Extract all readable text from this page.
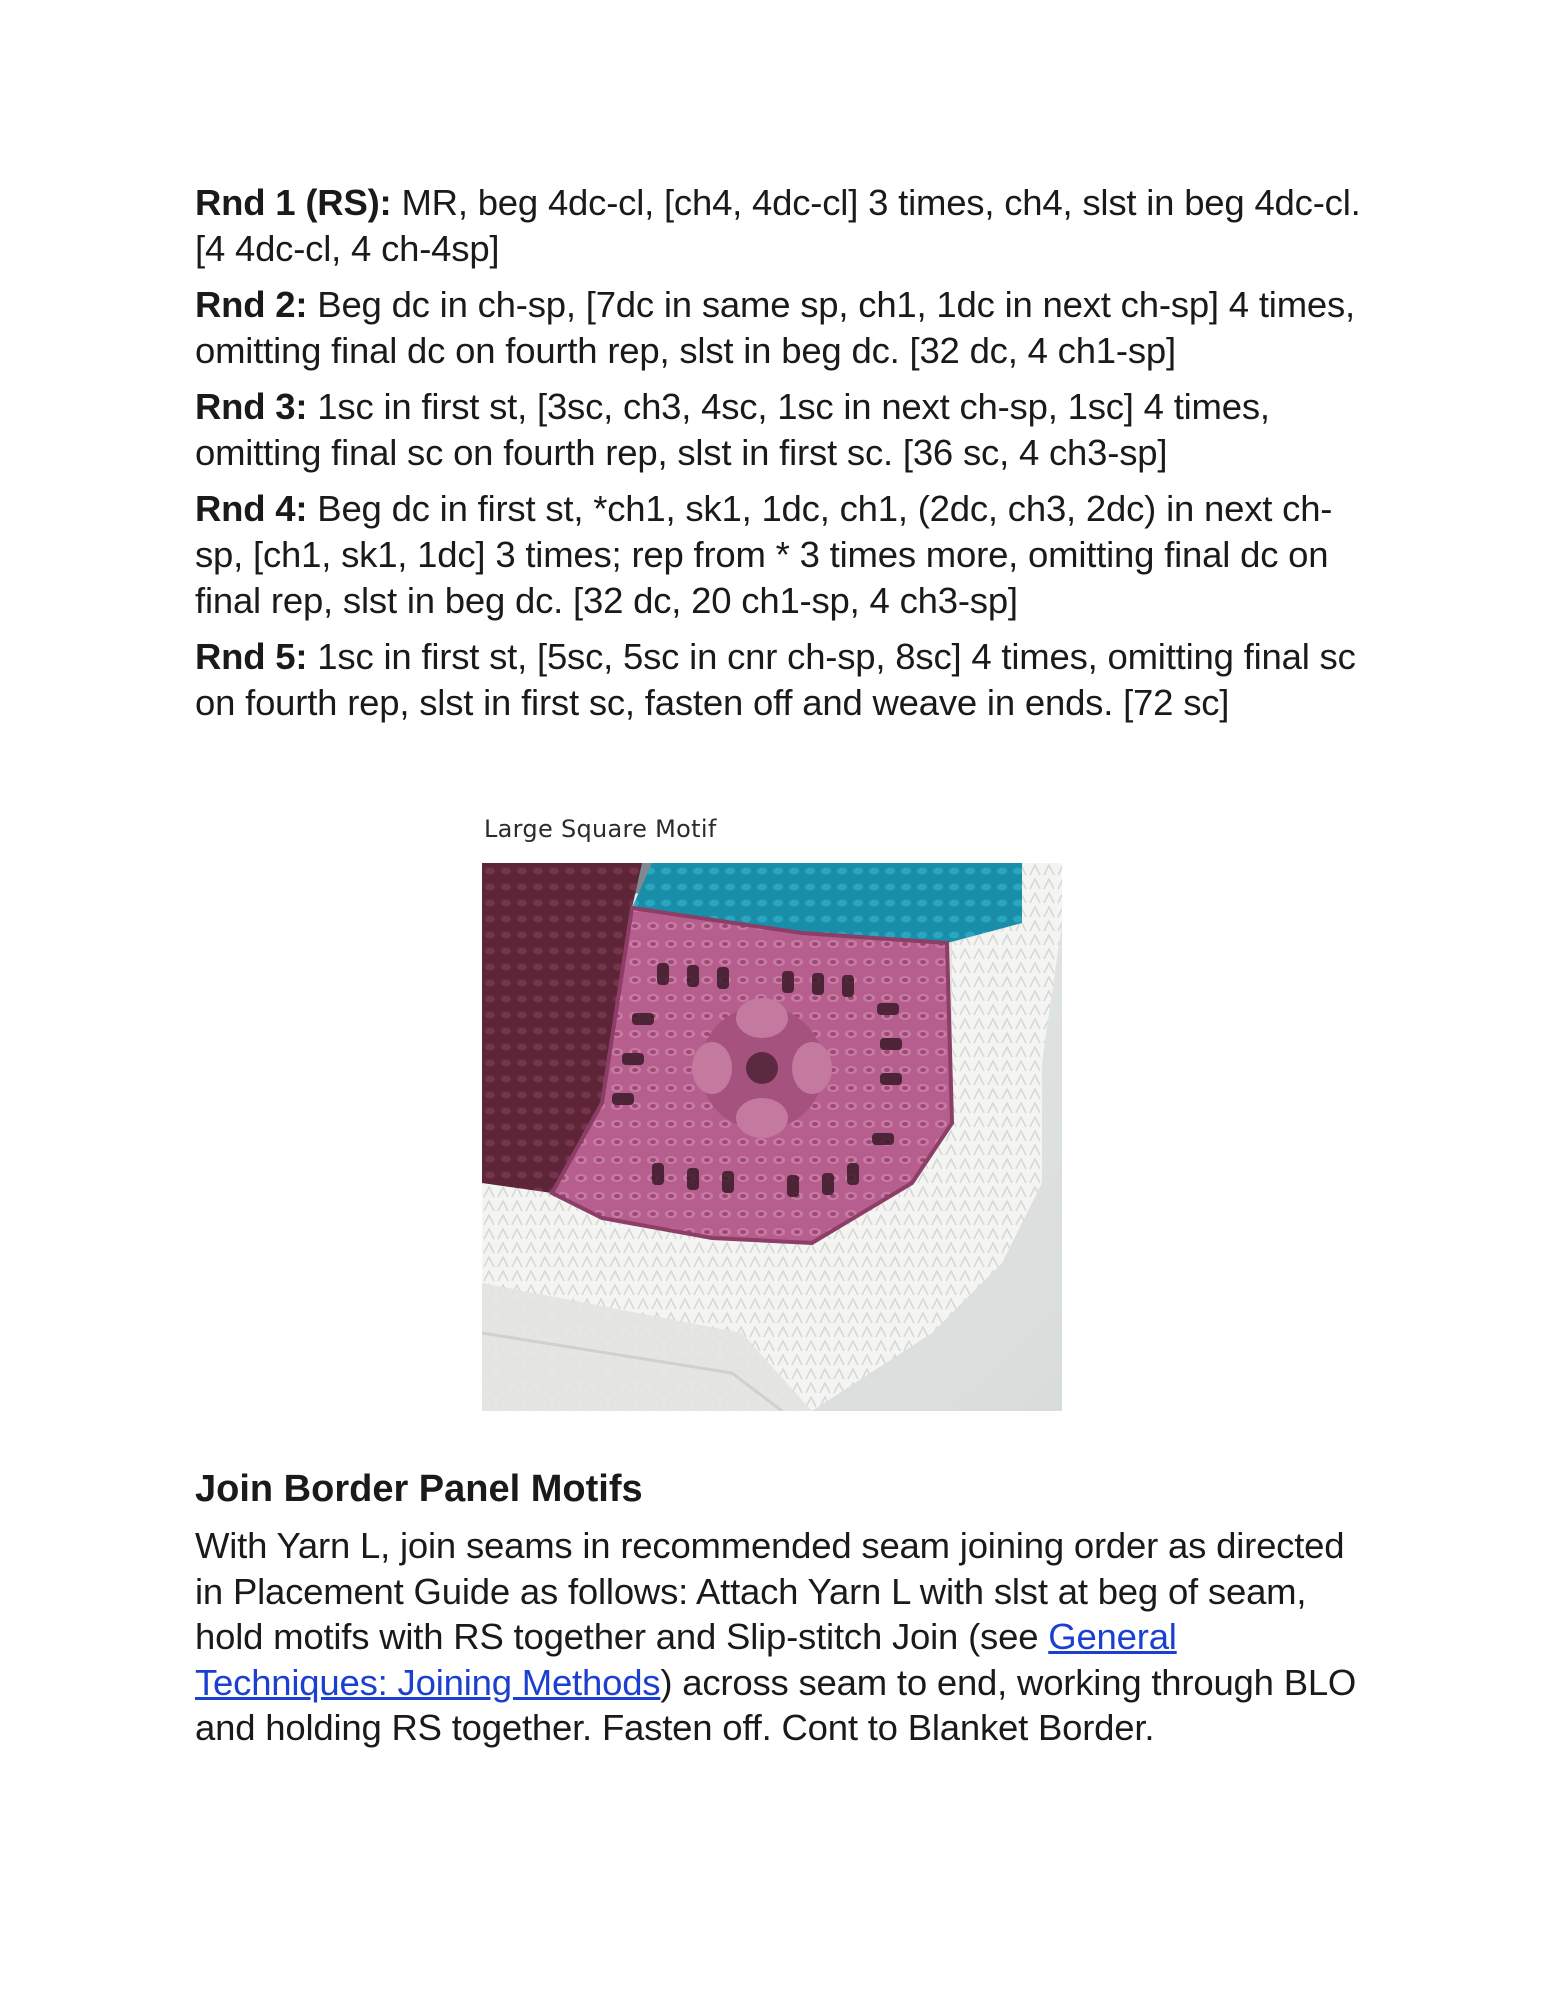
Rnd 1 (RS): MR, beg 4dc-cl, [ch4, 4dc-cl] 3 times, ch4, slst in beg 4dc-cl. [4 4dc-cl, 4 ch-4sp]

Rnd 2: Beg dc in ch-sp, [7dc in same sp, ch1, 1dc in next ch-sp] 4 times, omitting final dc on fourth rep, slst in beg dc. [32 dc, 4 ch1-sp]

Rnd 3: 1sc in first st, [3sc, ch3, 4sc, 1sc in next ch-sp, 1sc] 4 times, omitting final sc on fourth rep, slst in first sc. [36 sc, 4 ch3-sp]

Rnd 4: Beg dc in first st, *ch1, sk1, 1dc, ch1, (2dc, ch3, 2dc) in next ch-sp, [ch1, sk1, 1dc] 3 times; rep from * 3 times more, omitting final dc on final rep, slst in beg dc. [32 dc, 20 ch1-sp, 4 ch3-sp]

Rnd 5: 1sc in first st, [5sc, 5sc in cnr ch-sp, 8sc] 4 times, omitting final sc on fourth rep, slst in first sc, fasten off and weave in ends. [72 sc]

Large Square Motif
Join Border Panel Motifs

With Yarn L, join seams in recommended seam joining order as directed in Placement Guide as follows: Attach Yarn L with slst at beg of seam, hold motifs with RS together and Slip-stitch Join (see General Techniques: Joining Methods) across seam to end, working through BLO and holding RS together. Fasten off. Cont to Blanket Border.
